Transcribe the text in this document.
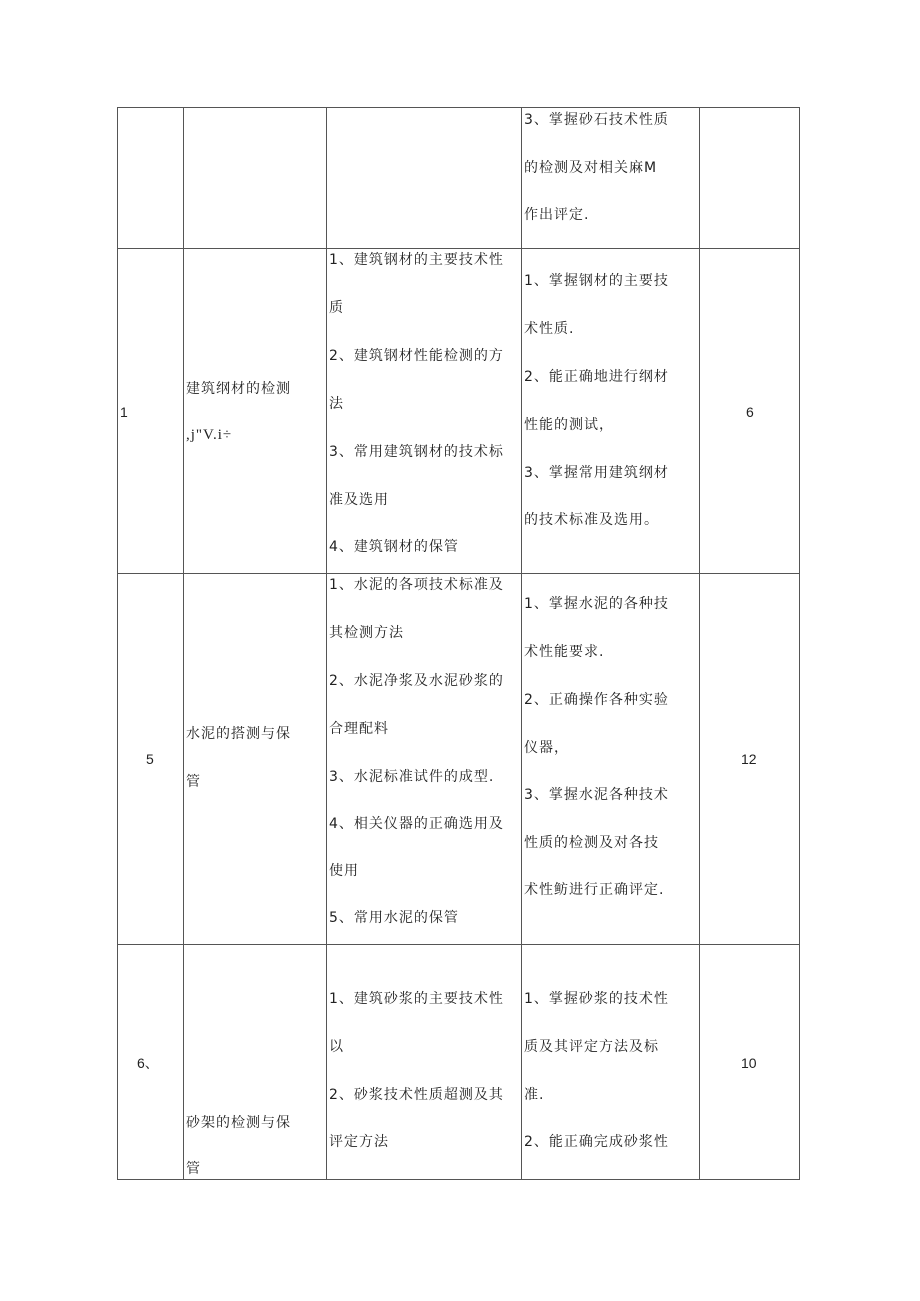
3、掌握砂石技术性质
的检测及对相关麻M
作出评定.
1
建筑纲材的检测
,j"V.i÷
1、建筑钢材的主要技术性
质
2、建筑钢材性能检测的方
法
3、常用建筑钢材的技术标
准及选用
4、建筑钢材的保管
1、掌握钢材的主要技
术性质.
2、能正确地进行纲材
性能的测试，
3、掌握常用建筑纲材
的技术标准及选用。
6
5
水泥的搭测与保
管
1、水泥的各项技术标准及
其检测方法
2、水泥净浆及水泥砂浆的
合理配料
3、水泥标准试件的成型.
4、相关仪器的正确选用及
使用
5、常用水泥的保管
1、掌握水泥的各种技
术性能要求.
2、正确操作各种实验
仪器，
3、掌握水泥各种技术
性质的检测及对各技
术性鲂进行正确评定.
12
6、
砂架的检测与保
管
1、建筑砂浆的主要技术性
以
2、砂浆技术性质超测及其
评定方法
1、掌握砂浆的技术性
质及其评定方法及标
准.
2、能正确完成砂浆性
10
